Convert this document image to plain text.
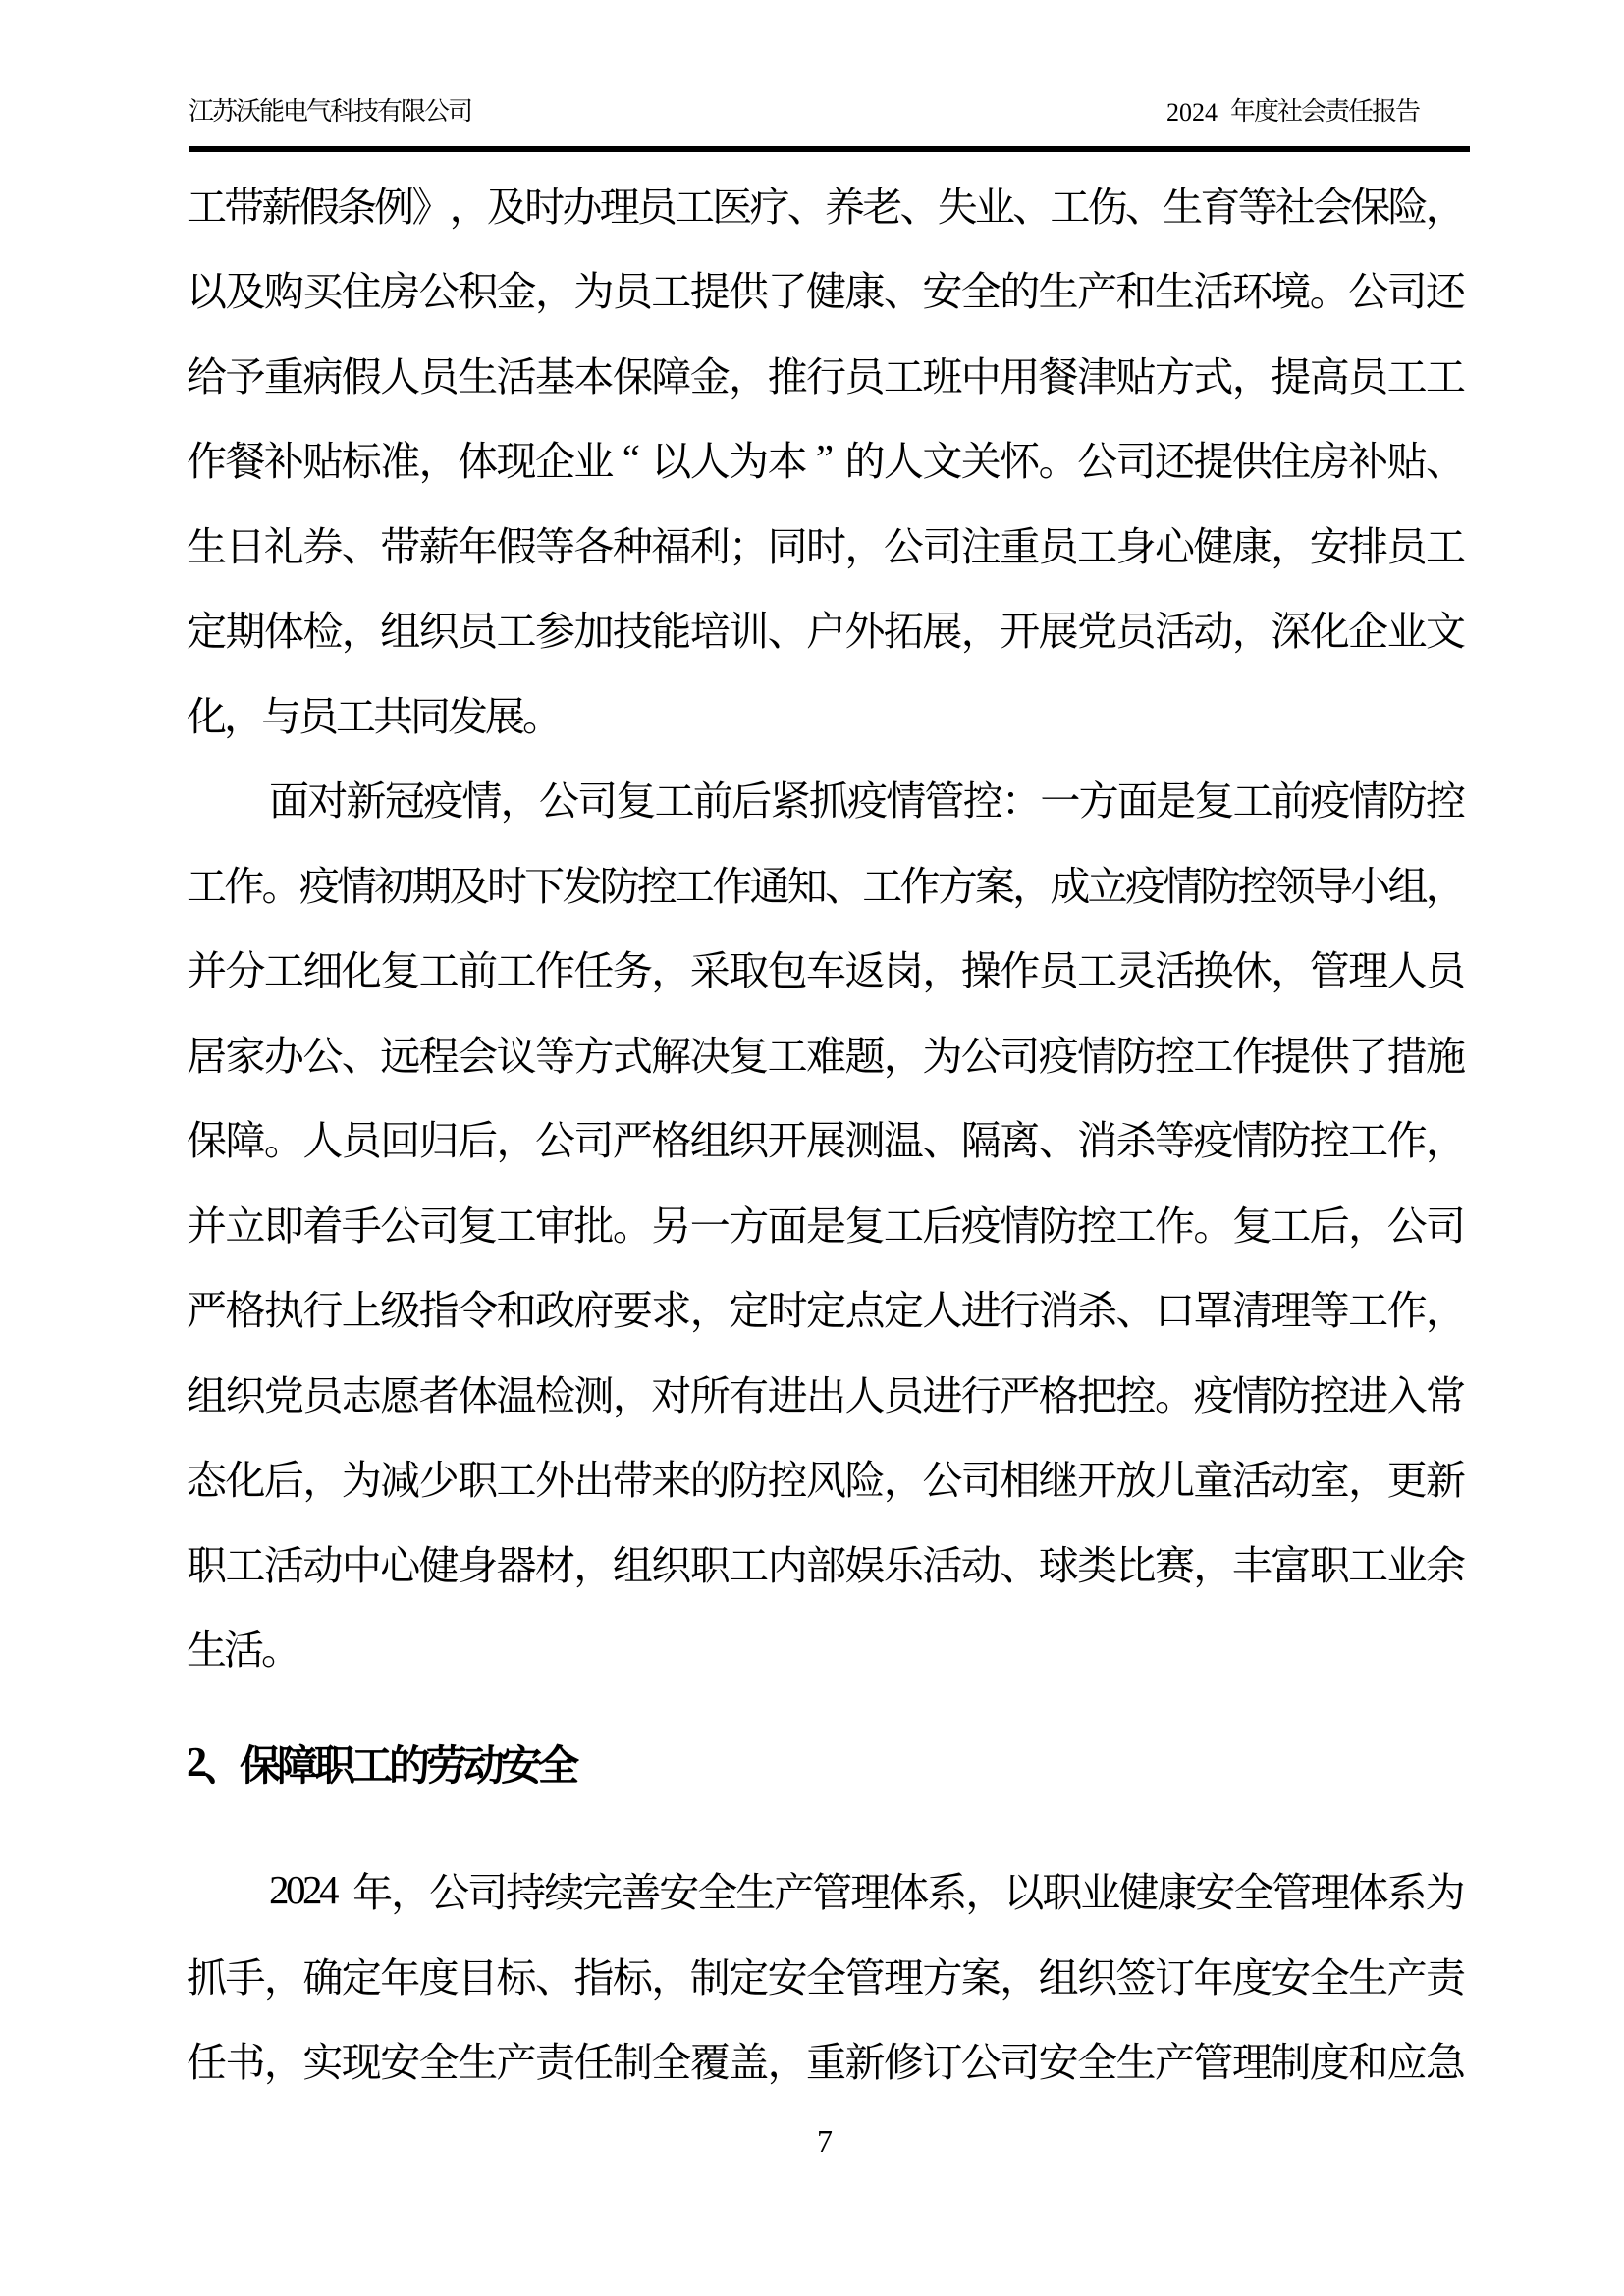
江
苏
沃
能
电
气
科
技
有
限
公
司	2 0 2 4 年
度
社
会
责
任
报
告
工
带
薪
假
条
例
》
，
及
时
办
理
员
工
医
疗
、
养
老
、
失
业
、
工
伤
、
生
育
等
社
会
保
险
，
以
及
购
买
住
房
公
积
金
，
为
员
工
提
供
了
健
康
、
安
全
的
生
产
和
生
活
环
境
。
公
司
还
给
予
重
病
假
人
员
生
活
基
本
保
障
金
，
推
行
员
工
班
中
用
餐
津
贴
方
式
，
提
高
员
工
工
作
餐
补
贴
标
准
，
体
现
企
业 “ 以
人
为
本 ” 的
人
文
关
怀
。
公
司
还
提
供
住
房
补
贴
、
生
日
礼
券
、
带
薪
年
假
等
各
种
福
利
；
同
时
，
公
司
注
重
员
工
身
心
健
康
，
安
排
员
工
定
期
体
检
，
组
织
员
工
参
加
技
能
培
训
、
户
外
拓
展
，
开
展
党
员
活
动
，
深
化
企
业
文
化
，
与
员
工
共
同
发
展
。
面
对
新
冠
疫
情
，
公
司
复
工
前
后
紧
抓
疫
情
管
控
：
一
方
面
是
复
工
前
疫
情
防
控
工
作
。
疫
情
初
期
及
时
下
发
防
控
工
作
通
知
、
工
作
方
案
，
成
立
疫
情
防
控
领
导
小
组
，
并
分
工
细
化
复
工
前
工
作
任
务
，
采
取
包
车
返
岗
，
操
作
员
工
灵
活
换
休
，
管
理
人
员
居
家
办
公
、
远
程
会
议
等
方
式
解
决
复
工
难
题
，
为
公
司
疫
情
防
控
工
作
提
供
了
措
施
保
障
。
人
员
回
归
后
，
公
司
严
格
组
织
开
展
测
温
、
隔
离
、
消
杀
等
疫
情
防
控
工
作
，
并
立
即
着
手
公
司
复
工
审
批
。
另
一
方
面
是
复
工
后
疫
情
防
控
工
作
。
复
工
后
，
公
司
严
格
执
行
上
级
指
令
和
政
府
要
求
，
定
时
定
点
定
人
进
行
消
杀
、
口
罩
清
理
等
工
作
，
组
织
党
员
志
愿
者
体
温
检
测
，
对
所
有
进
出
人
员
进
行
严
格
把
控
。
疫
情
防
控
进
入
常
态
化
后
，
为
减
少
职
工
外
出
带
来
的
防
控
风
险
，
公
司
相
继
开
放
儿
童
活
动
室
，
更
新
职
工
活
动
中
心
健
身
器
材
，
组
织
职
工
内
部
娱
乐
活
动
、
球
类
比
赛
，
丰
富
职
工
业
余
生
活
。
2
、
保
障
职
工
的
劳
动
安
全
2
0
2
4 年
，
公
司
持
续
完
善
安
全
生
产
管
理
体
系
，
以
职
业
健
康
安
全
管
理
体
系
为
抓
手
，
确
定
年
度
目
标
、
指
标
，
制
定
安
全
管
理
方
案
，
组
织
签
订
年
度
安
全
生
产
责
任
书
，
实
现
安
全
生
产
责
任
制
全
覆
盖
，
重
新
修
订
公
司
安
全
生
产
管
理
制
度
和
应
急
7
